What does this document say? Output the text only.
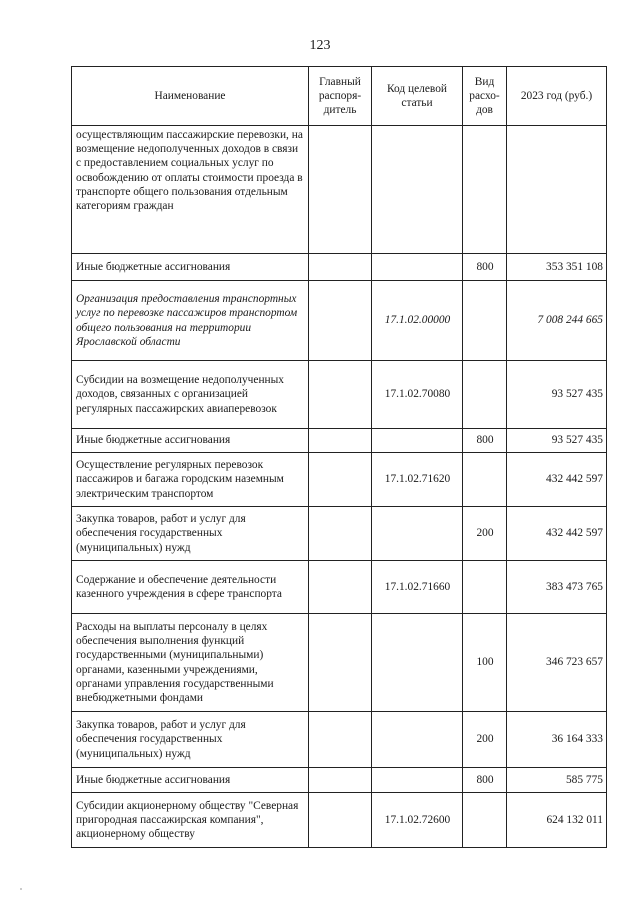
123
Наименование	Главный распоря-дитель	Код целевой статьи	Вид расхо-дов	2023 год (руб.)
осуществляющим пассажирские перевозки, на возмещение недополученных доходов в связи с предоставлением социальных услуг по освобождению от оплаты стоимости проезда в транспорте общего пользования отдельным категориям граждан				
Иные бюджетные ассигнования			800	353 351 108
Организация предоставления транспортных услуг по перевозке пассажиров транспортом общего пользования на территории Ярославской области		17.1.02.00000		7 008 244 665
Субсидии на возмещение недополученных доходов, связанных с организацией регулярных пассажирских авиаперевозок		17.1.02.70080		93 527 435
Иные бюджетные ассигнования			800	93 527 435
Осуществление регулярных перевозок пассажиров и багажа городским наземным электрическим транспортом		17.1.02.71620		432 442 597
Закупка товаров, работ и услуг для обеспечения государственных (муниципальных) нужд			200	432 442 597
Содержание и обеспечение деятельности казенного учреждения в сфере транспорта		17.1.02.71660		383 473 765
Расходы на выплаты персоналу в целях обеспечения выполнения функций государственными (муниципальными) органами, казенными учреждениями, органами управления государственными внебюджетными фондами			100	346 723 657
Закупка товаров, работ и услуг для обеспечения государственных (муниципальных) нужд			200	36 164 333
Иные бюджетные ассигнования			800	585 775
Субсидии акционерному обществу "Северная пригородная пассажирская компания", акционерному обществу		17.1.02.72600		624 132 011
